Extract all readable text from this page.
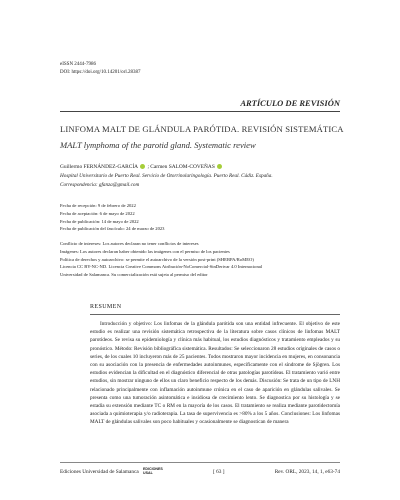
eISSN 2444-7986
DOI: https://doi.org/10.14201/orl.28387
ARTÍCULO DE REVISIÓN
LINFOMA MALT DE GLÁNDULA PARÓTIDA. REVISIÓN SISTEMÁTICA
MALT lymphoma of the parotid gland. Systematic review
Guillermo FERNÁNDEZ-GARCÍA ; Carmen SALOM-COVEÑAS
Hospital Universitario de Puerto Real. Servicio de Otorrinolaringología. Puerto Real. Cádiz. España.
Correspondencia: gfanza@gmail.com
Fecha de recepción: 9 de febrero de 2022
Fecha de aceptación: 6 de mayo de 2022
Fecha de publicación: 14 de mayo de 2022
Fecha de publicación del fascículo: 24 de marzo de 2023
Conflicto de intereses: Los autores declaran no tener conflictos de intereses
Imágenes: Los autores declaran haber obtenido las imágenes con el permiso de los pacientes
Política de derechos y autoarchivo: se permite el autoarchivo de la versión post-print (SHERPA/RoMEO)
Licencia CC BY-NC-ND. Licencia Creative Commons Atribución-NoComercial-SinDerivar 4.0 Internacional
Universidad de Salamanca. Su comercialización está sujeta al permiso del editor
RESUMEN
Introducción y objetivo: Los linfomas de la glándula parótida son una entidad infrecuente. El objetivo de este estudio es realizar una revisión sistemática retrospectiva de la literatura sobre casos clínicos de linfomas MALT parotídeos. Se revisa su epidemiología y clínica más habitual, los estudios diagnósticos y tratamiento empleados y su pronóstico. Método: Revisión bibliográfica sistemática. Resultados: Se seleccionaron 28 estudios originales de casos o series, de los cuales 10 incluyeron más de 25 pacientes. Todos mostraron mayor incidencia en mujeres, en consonancia con su asociación con la presencia de enfermedades autoinmunes, especificamente con el síndrome de Sjögren. Los estudios evidencian la dificultad en el diagnóstico diferencial de otras patologías parotídeas. El tratamiento varió entre estudios, sin mostrar ninguno de ellos un claro beneficio respecto de los demás. Discusión: Se trata de un tipo de LNH relacionado principalmente con inflamación autoinmune crónica en el caso de aparición en glándulas salivales. Se presenta como una tumoración asintomática e insidiosa de crecimiento lento. Se diagnostica por su histología y se estadía su extensión mediante TC o RM en la mayoría de los casos. El tratamiento se realiza mediante parotidectomía asociada a quimioterapia y/o radioterapia. La tasa de supervivencia es >80% a los 5 años. Conclusiones: Los linfomas MALT de glándulas salivales son poco habituales y ocasionalmente se diagnostican de manera
Ediciones Universidad de Salamanca EDICIONES
USAL	[ 63 ]	Rev. ORL, 2023, 14, 1, e63-74
